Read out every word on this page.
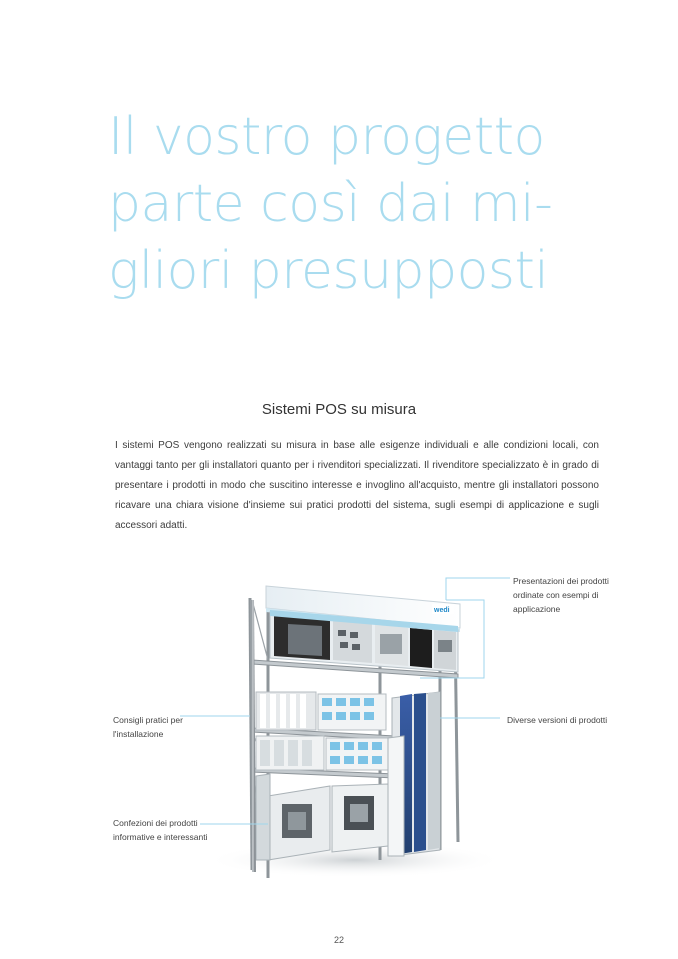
Il vostro progetto
parte così dai mi-
gliori presupposti
Sistemi POS su misura

I sistemi POS vengono realizzati su misura in base alle esigenze individuali e alle condizioni locali, con vantaggi tanto per gli installatori quanto per i rivenditori specializzati. Il rivenditore specializzato è in grado di presentare i prodotti in modo che suscitino interesse e invoglino all'acquisto, mentre gli installatori possono ricavare una chiara visione d'insieme sui pratici prodotti del sistema, sugli esempi di applicazione e sugli accessori adatti.

wedi
Presentazioni dei prodotti
ordinate con esempi di
applicazione
Diverse versioni di prodotti
Consigli pratici per
l'installazione
Confezioni dei prodotti
informative e interessanti
22
